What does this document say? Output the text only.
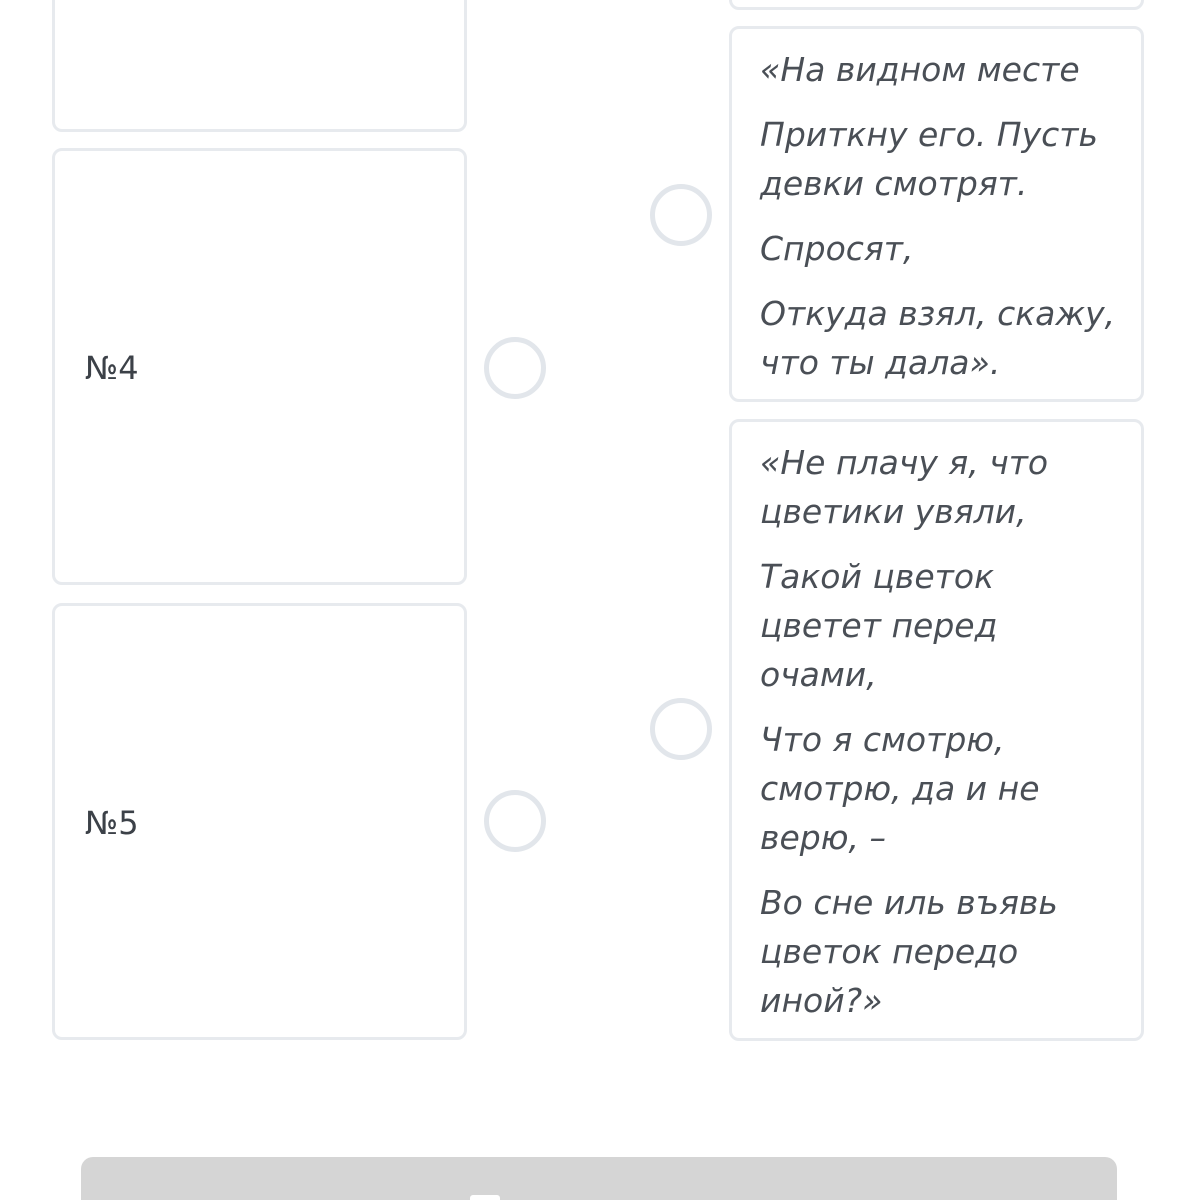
№4
№5

«На видном месте

Приткну его. Пусть девки смотрят.

Спросят,

Откуда взял, скажу, что ты дала».

«Не плачу я, что цветики увяли,

Такой цветок цветет перед очами,

Что я смотрю, смотрю, да и не верю, –

Во сне иль въявь цветок передо иной?»
